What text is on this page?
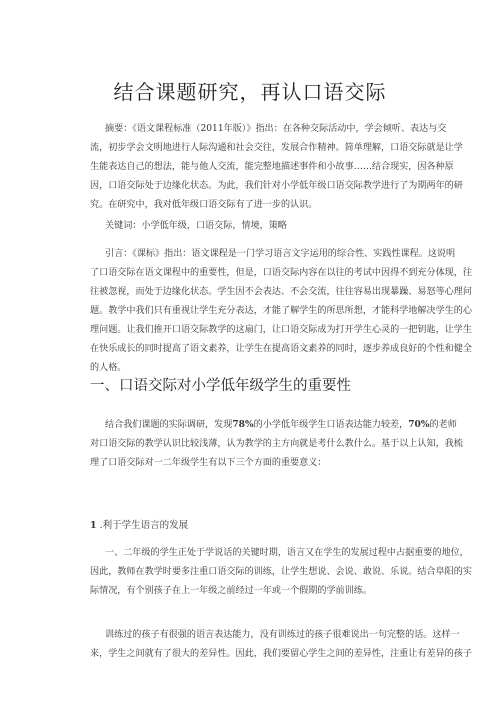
结合课题研究，再认口语交际
摘要：《语文课程标准（2011年版）》指出：在各种交际活动中，学会倾听、表达与交
流，初步学会文明地进行人际沟通和社会交往，发展合作精神。简单理解，口语交际就是让学
生能表达自己的想法，能与他人交流，能完整地描述事件和小故事……结合现实，因各种原
因，口语交际处于边缘化状态。为此，我们针对小学低年级口语交际教学进行了为期两年的研
究。在研究中，我对低年级口语交际有了进一步的认识。
关键词：小学低年级，口语交际，情境，策略
引言：《课标》指出：语文课程是一门学习语言文字运用的综合性、实践性课程。这说明
了口语交际在语文课程中的重要性，但是，口语交际内容在以往的考试中因得不到充分体现，往
往被忽视，而处于边缘化状态。学生因不会表达、不会交流，往往容易出现暴躁、易怒等心理问
题。教学中我们只有重视让学生充分表达，才能了解学生的所思所想，才能科学地解决学生的心
理问题。让我们推开口语交际教学的这扇门，让口语交际成为打开学生心灵的一把钥匙，让学生
在快乐成长的同时提高了语文素养，让学生在提高语文素养的同时，逐步养成良好的个性和健全
的人格。
一、口语交际对小学低年级学生的重要性
结合我们课题的实际调研，发现78%的小学低年级学生口语表达能力较差，70%的老师
对口语交际的教学认识比较浅薄，认为教学的主方向就是考什么教什么。基于以上认知，我梳
理了口语交际对一二年级学生有以下三个方面的重要意义：
1 .利于学生语言的发展
一、二年级的学生正处于学说话的关键时期，语言又在学生的发展过程中占据重要的地位，
因此，教师在教学时要多注重口语交际的训练，让学生想说、会说、敢说、乐说。结合阜阳的实
际情况，有个别孩子在上一年级之前经过一年或一个假期的学前训练。
训练过的孩子有很强的语言表达能力，没有训练过的孩子很难说出一句完整的话。这样一
来，学生之间就有了很大的差异性。因此，我们要留心学生之间的差异性，注重让有差异的孩子
